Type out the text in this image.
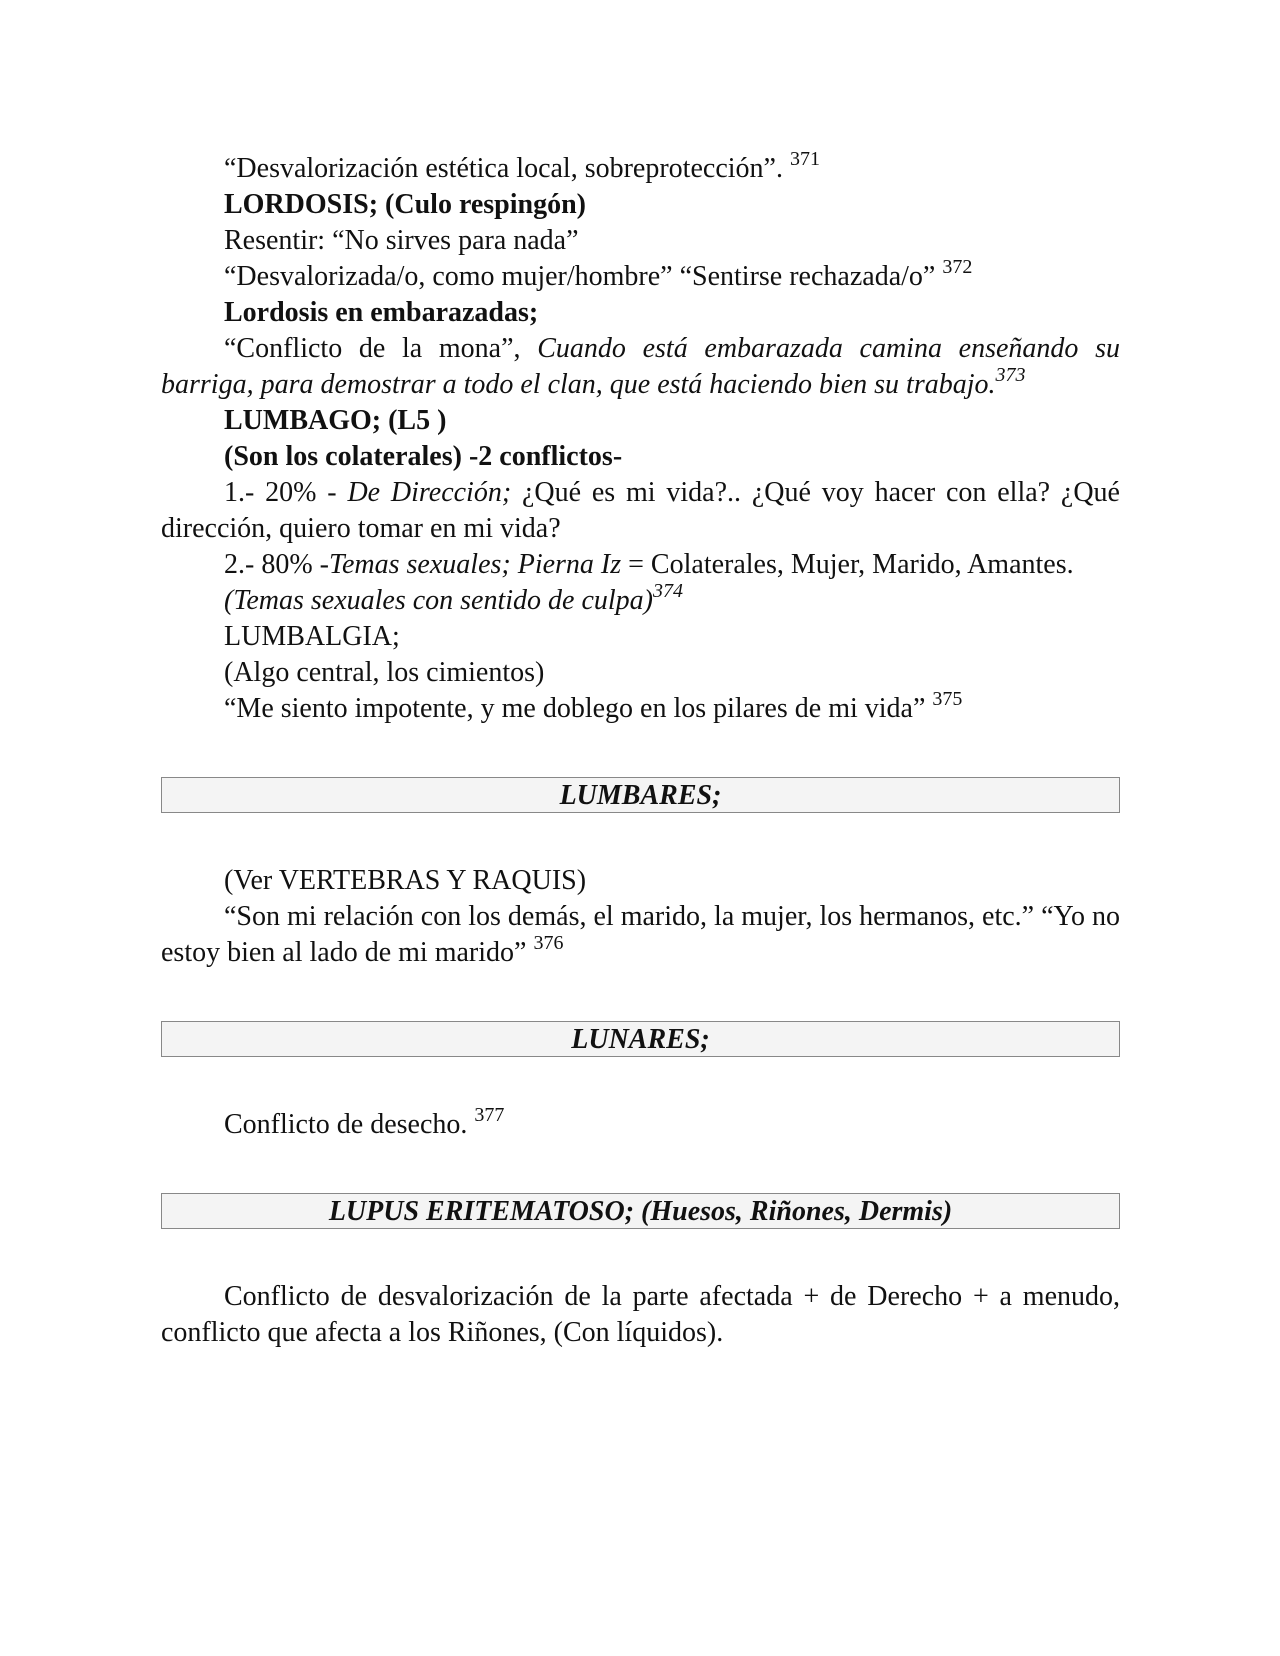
“Desvalorización estética local, sobreprotección”. $^{371}$

LORDOSIS; (Culo respingón)

Resentir: “No sirves para nada”

“Desvalorizada/o, como mujer/hombre” “Sentirse rechazada/o” $^{372}$

Lordosis en embarazadas;

“Conflicto de la mona”, Cuando está embarazada camina enseñando su barriga, para demostrar a todo el clan, que está haciendo bien su trabajo.$^{373}$

LUMBAGO; (L5 )

(Son los colaterales) -2 conflictos-

1.- 20% - De Dirección; ¿Qué es mi vida?.. ¿Qué voy hacer con ella? ¿Qué dirección, quiero tomar en mi vida?

2.- 80% -Temas sexuales; Pierna Iz = Colaterales, Mujer, Marido, Amantes.

(Temas sexuales con sentido de culpa)$^{374}$

LUMBALGIA;

(Algo central, los cimientos)

“Me siento impotente, y me doblego en los pilares de mi vida” $^{375}$

LUMBARES;

(Ver VERTEBRAS Y RAQUIS)

“Son mi relación con los demás, el marido, la mujer, los hermanos, etc.” “Yo no estoy bien al lado de mi marido” $^{376}$

LUNARES;

Conflicto de desecho. $^{377}$

LUPUS ERITEMATOSO; (Huesos, Riñones, Dermis)

Conflicto de desvalorización de la parte afectada + de Derecho + a menudo, conflicto que afecta a los Riñones, (Con líquidos).
